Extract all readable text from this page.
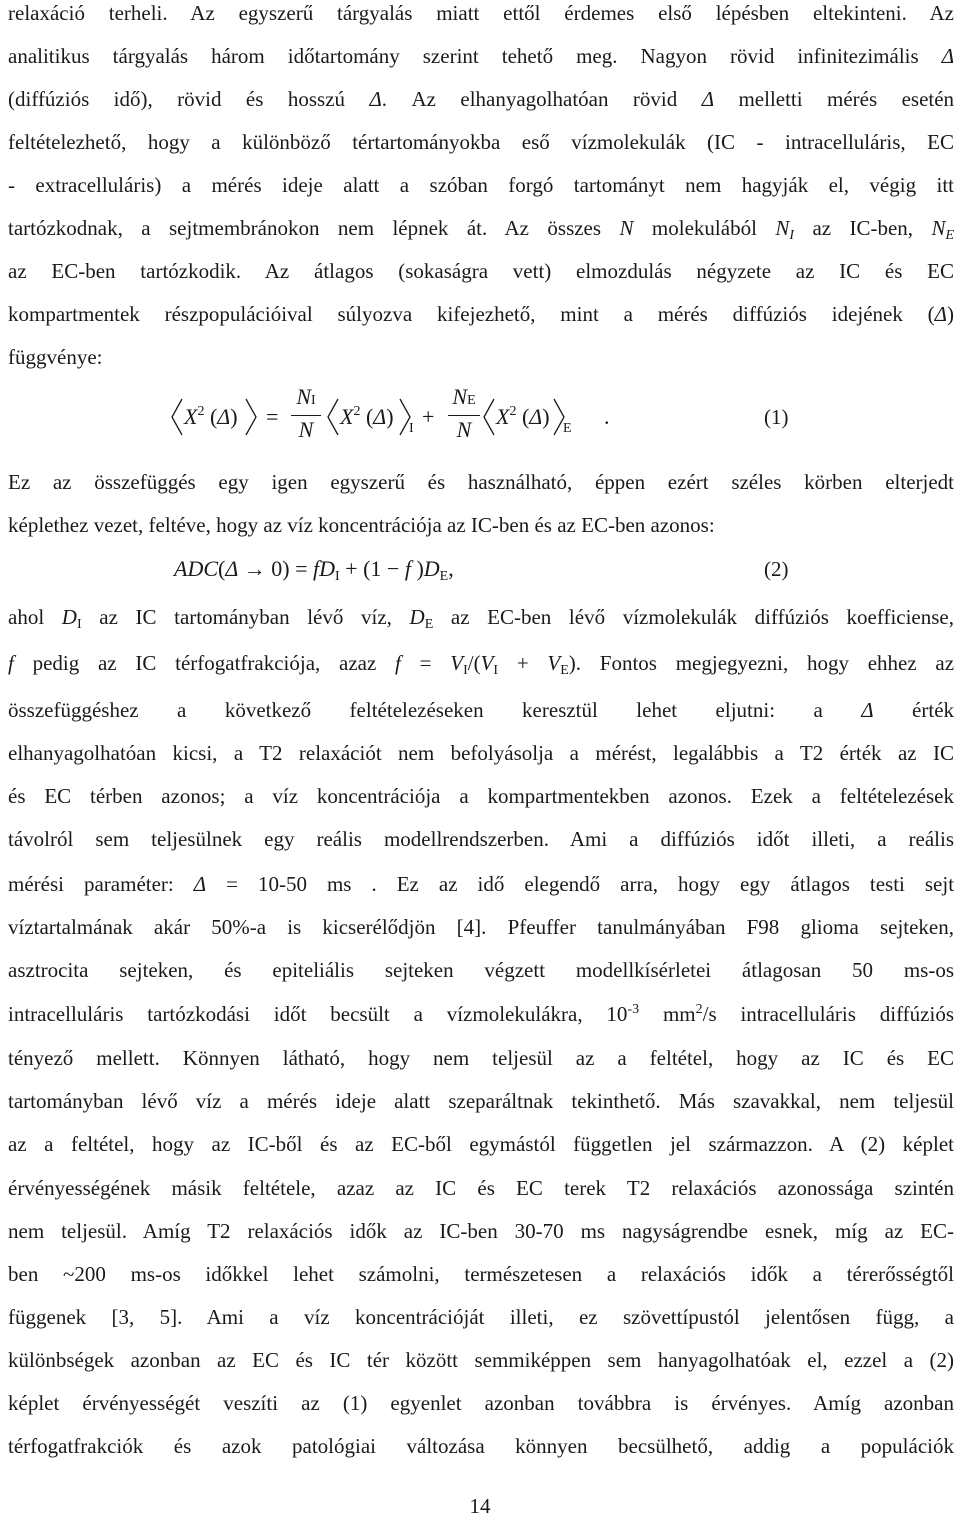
relaxáció terheli. Az egyszerű tárgyalás miatt ettől érdemes első lépésben eltekinteni. Az
analitikus tárgyalás három időtartomány szerint tehető meg. Nagyon rövid infinitezimális Δ
(diffúziós idő), rövid és hosszú Δ. Az elhanyagolhatóan rövid Δ melletti mérés esetén
feltételezhető, hogy a különböző tértartományokba eső vízmolekulák (IC - intracelluláris, EC
- extracelluláris) a mérés ideje alatt a szóban forgó tartományt nem hagyják el, végig itt
tartózkodnak, a sejtmembránokon nem lépnek át. Az összes N molekulából $N_I$ az IC-ben, $N_E$
az EC-ben tartózkodik. Az átlagos (sokaságra vett) elmozdulás négyzete az IC és EC
kompartmentek részpopulációival súlyozva kifejezhető, mint a mérés diffúziós idejének (Δ)
függvénye:
$X^2$ (Δ) =
NI
N
$X^2$ (Δ) I +
NE
N
$X^2$ (Δ) E .	(1)
Ez az összefüggés egy igen egyszerű és használható, éppen ezért széles körben elterjedt
képlethez vezet, feltéve, hogy az víz koncentrációja az IC-ben és az EC-ben azonos:
ADC(Δ → 0) = fDI + (1 − f )DE,	(2)
ahol $D_I$ az IC tartományban lévő víz, $D_E$ az EC-ben lévő vízmolekulák diffúziós koefficiense,
f pedig az IC térfogatfrakciója, azaz $f = V_I/(V_I + V_E)$. Fontos megjegyezni, hogy ehhez az
összefüggéshez a következő feltételezéseken keresztül lehet eljutni: a Δ érték
elhanyagolhatóan kicsi, a T2 relaxációt nem befolyásolja a mérést, legalábbis a T2 érték az IC
és EC térben azonos; a víz koncentrációja a kompartmentekben azonos. Ezek a feltételezések
távolról sem teljesülnek egy reális modellrendszerben. Ami a diffúziós időt illeti, a reális
mérési paraméter: Δ = 10-50 ms . Ez az idő elegendő arra, hogy egy átlagos testi sejt
víztartalmának akár 50%-a is kicserélődjön [4]. Pfeuffer tanulmányában F98 glioma sejteken,
asztrocita sejteken, és epiteliális sejteken végzett modellkísérletei átlagosan 50 ms-os
intracelluláris tartózkodási időt becsült a vízmolekulákra, $10^{-3}$ $mm^2/s$ intracelluláris diffúziós
tényező mellett. Könnyen látható, hogy nem teljesül az a feltétel, hogy az IC és EC
tartományban lévő víz a mérés ideje alatt szeparáltnak tekinthető. Más szavakkal, nem teljesül
az a feltétel, hogy az IC-ből és az EC-ből egymástól független jel származzon. A (2) képlet
érvényességének másik feltétele, azaz az IC és EC terek T2 relaxációs azonossága szintén
nem teljesül. Amíg T2 relaxációs idők az IC-ben 30-70 ms nagyságrendbe esnek, míg az EC-
ben ~200 ms-os időkkel lehet számolni, természetesen a relaxációs idők a térerősségtől
függenek [3, 5]. Ami a víz koncentrációját illeti, ez szövettípustól jelentősen függ, a
különbségek azonban az EC és IC tér között semmiképpen sem hanyagolhatóak el, ezzel a (2)
képlet érvényességét veszíti az (1) egyenlet azonban továbbra is érvényes. Amíg azonban
térfogatfrakciók és azok patológiai változása könnyen becsülhető, addig a populációk
14
